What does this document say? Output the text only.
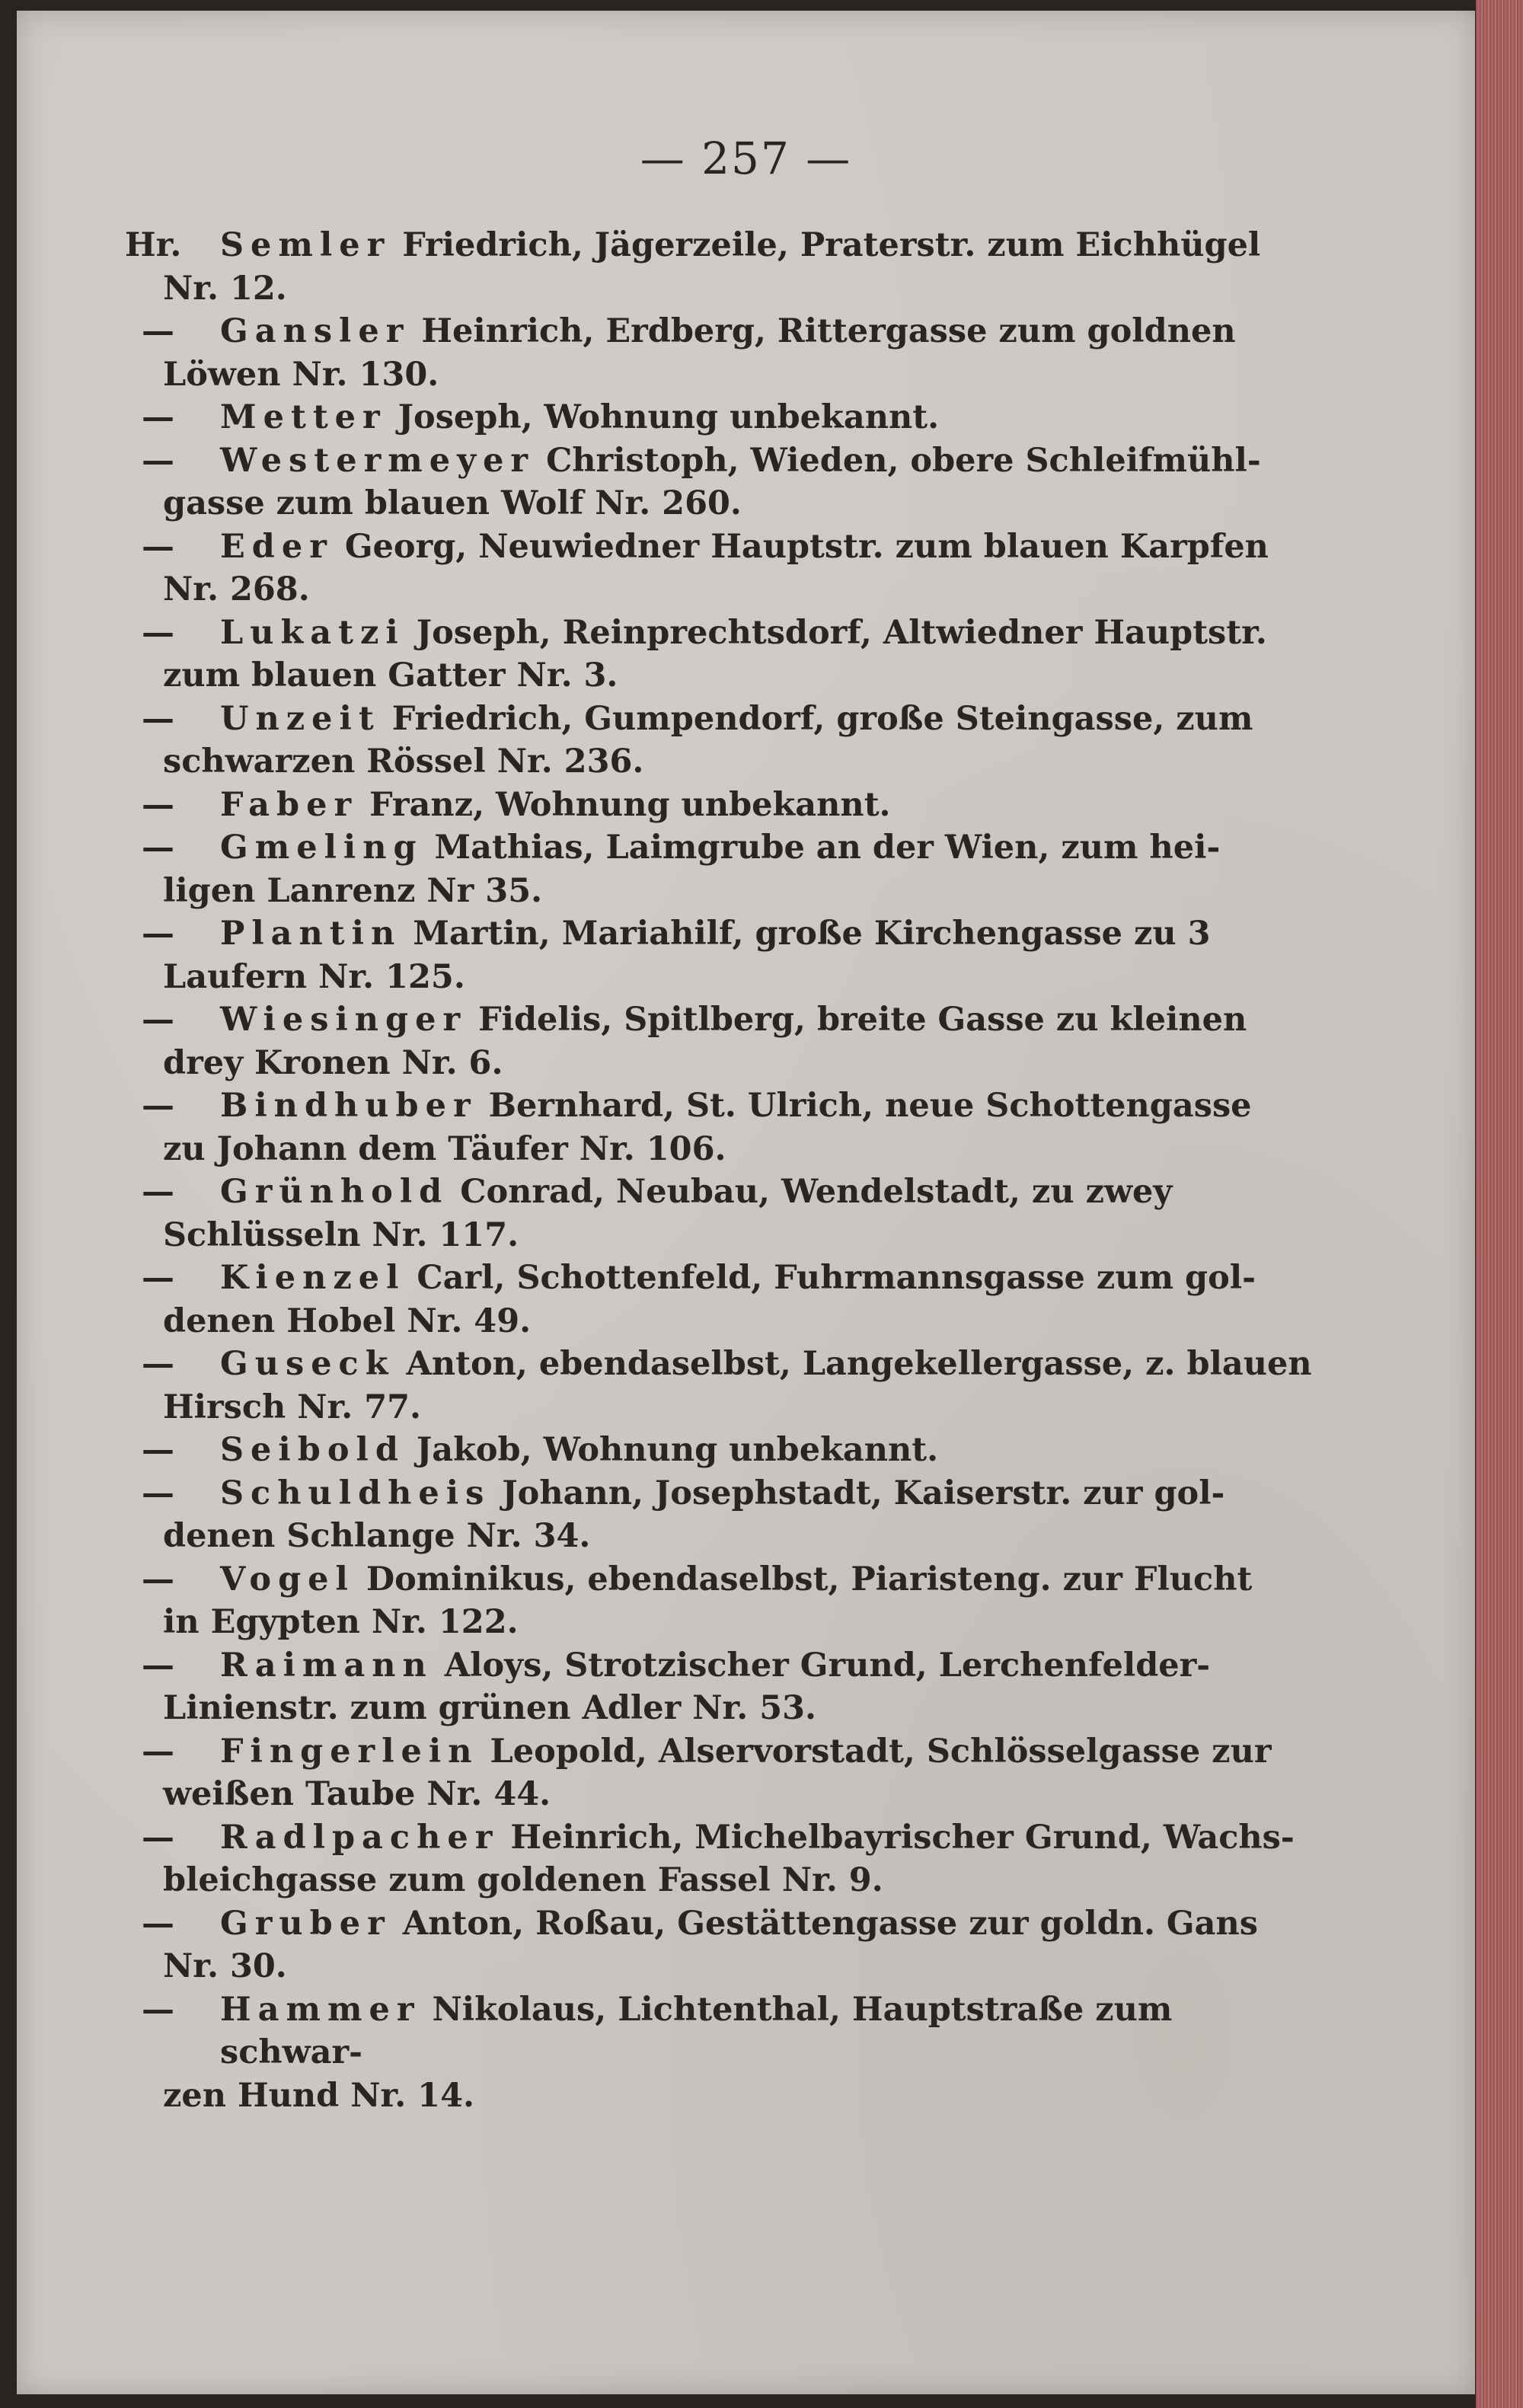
— 257 —
Hr.	Semler Friedrich, Jägerzeile, Praterstr. zum Eichhügel
Nr. 12.
—	Gansler Heinrich, Erdberg, Rittergasse zum goldnen
Löwen Nr. 130.
—	Metter Joseph, Wohnung unbekannt.
—	Westermeyer Christoph, Wieden, obere Schleifmühl-
gasse zum blauen Wolf Nr. 260.
—	Eder Georg, Neuwiedner Hauptstr. zum blauen Karpfen
Nr. 268.
—	Lukatzi Joseph, Reinprechtsdorf, Altwiedner Hauptstr.
zum blauen Gatter Nr. 3.
—	Unzeit Friedrich, Gumpendorf, große Steingasse, zum
schwarzen Rössel Nr. 236.
—	Faber Franz, Wohnung unbekannt.
—	Gmeling Mathias, Laimgrube an der Wien, zum hei-
ligen Lanrenz Nr 35.
—	Plantin Martin, Mariahilf, große Kirchengasse zu 3
Laufern Nr. 125.
—	Wiesinger Fidelis, Spitlberg, breite Gasse zu kleinen
drey Kronen Nr. 6.
—	Bindhuber Bernhard, St. Ulrich, neue Schottengasse
zu Johann dem Täufer Nr. 106.
—	Grünhold Conrad, Neubau, Wendelstadt, zu zwey
Schlüsseln Nr. 117.
—	Kienzel Carl, Schottenfeld, Fuhrmannsgasse zum gol-
denen Hobel Nr. 49.
—	Guseck Anton, ebendaselbst, Langekellergasse, z. blauen
Hirsch Nr. 77.
—	Seibold Jakob, Wohnung unbekannt.
—	Schuldheis Johann, Josephstadt, Kaiserstr. zur gol-
denen Schlange Nr. 34.
—	Vogel Dominikus, ebendaselbst, Piaristeng. zur Flucht
in Egypten Nr. 122.
—	Raimann Aloys, Strotzischer Grund, Lerchenfelder-
Linienstr. zum grünen Adler Nr. 53.
—	Fingerlein Leopold, Alservorstadt, Schlösselgasse zur
weißen Taube Nr. 44.
—	Radlpacher Heinrich, Michelbayrischer Grund, Wachs-
bleichgasse zum goldenen Fassel Nr. 9.
—	Gruber Anton, Roßau, Gestättengasse zur goldn. Gans
Nr. 30.
—	Hammer Nikolaus, Lichtenthal, Hauptstraße zum schwar-
zen Hund Nr. 14.
